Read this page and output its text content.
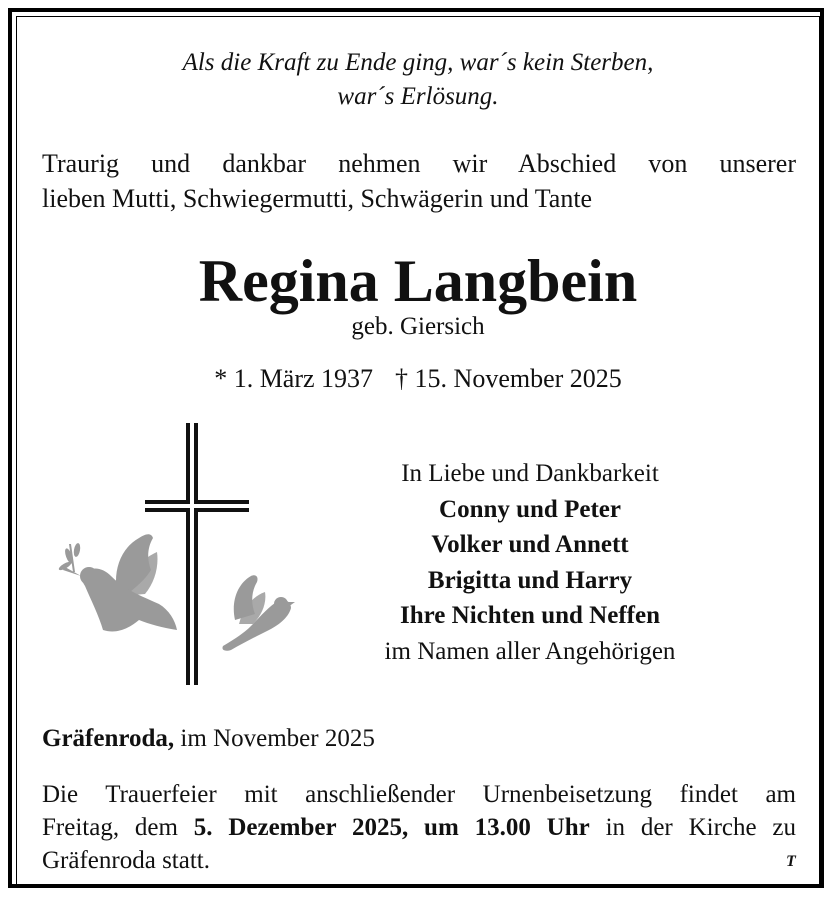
Als die Kraft zu Ende ging, war´s kein Sterben,
war´s Erlösung.
Traurig und dankbar nehmen wir Abschied von unserer
lieben Mutti, Schwiegermutti, Schwägerin und Tante
Regina Langbein
geb. Giersich
* 1. März 1937 † 15. November 2025
In Liebe und Dankbarkeit
Conny und Peter
Volker und Annett
Brigitta und Harry
Ihre Nichten und Neffen
im Namen aller Angehörigen
Gräfenroda, im November 2025
Die Trauerfeier mit anschließender Urnenbeisetzung findet am
Freitag, dem 5. Dezember 2025, um 13.00 Uhr in der Kirche zu
Gräfenroda statt.	T
